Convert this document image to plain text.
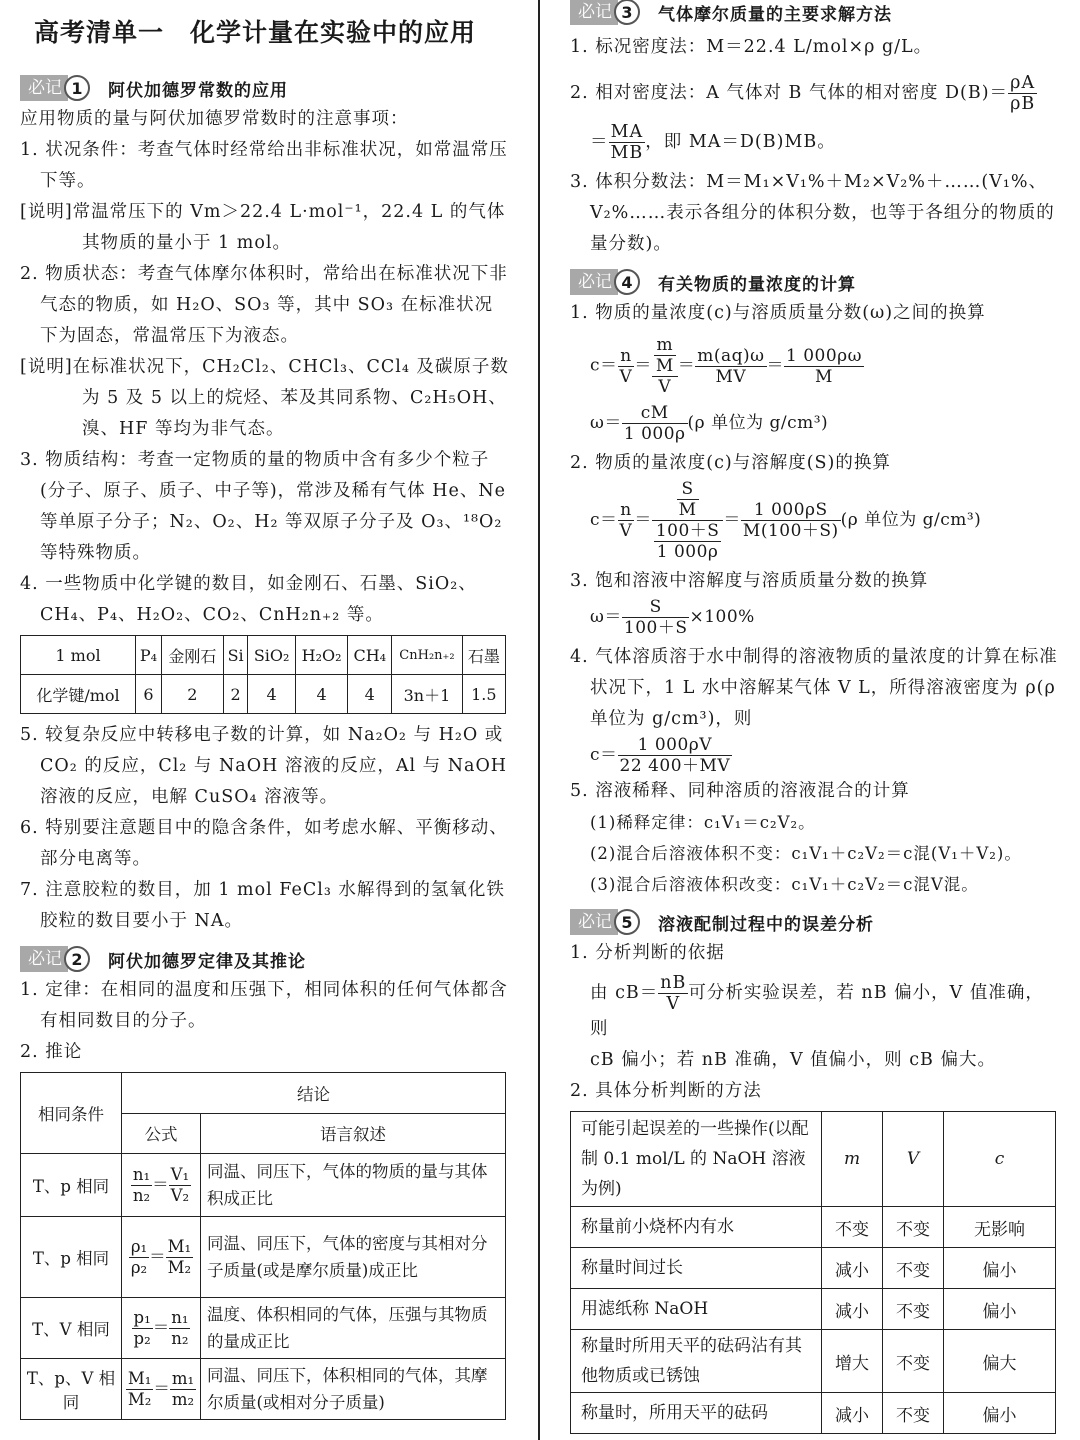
高考清单一　化学计量在实验中的应用
必记 1	阿伏加德罗常数的应用

应用物质的量与阿伏加德罗常数时的注意事项：

1. 状况条件：考查气体时经常给出非标准状况，如常温常压下等。

[说明]常温常压下的 Vm＞22.4 L·mol⁻¹，22.4 L 的气体其物质的量小于 1 mol。

2. 物质状态：考查气体摩尔体积时，常给出在标准状况下非气态的物质，如 H₂O、SO₃ 等，其中 SO₃ 在标准状况下为固态，常温常压下为液态。

[说明]在标准状况下，CH₂Cl₂、CHCl₃、CCl₄ 及碳原子数为 5 及 5 以上的烷烃、苯及其同系物、C₂H₅OH、溴、HF 等均为非气态。

3. 物质结构：考查一定物质的量的物质中含有多少个粒子(分子、原子、质子、中子等)，常涉及稀有气体 He、Ne 等单原子分子；N₂、O₂、H₂ 等双原子分子及 O₃、¹⁸O₂ 等特殊物质。

4. 一些物质中化学键的数目，如金刚石、石墨、SiO₂、CH₄、P₄、H₂O₂、CO₂、CnH₂n₊₂ 等。

1 mol	P₄	金刚石	Si	SiO₂	H₂O₂	CH₄	CnH₂n₊₂	石墨
化学键/mol	6	2	2	4	4	4	3n＋1	1.5

5. 较复杂反应中转移电子数的计算，如 Na₂O₂ 与 H₂O 或 CO₂ 的反应，Cl₂ 与 NaOH 溶液的反应，Al 与 NaOH 溶液的反应，电解 CuSO₄ 溶液等。

6. 特别要注意题目中的隐含条件，如考虑水解、平衡移动、部分电离等。

7. 注意胶粒的数目，加 1 mol FeCl₃ 水解得到的氢氧化铁胶粒的数目要小于 NA。

必记 2	阿伏加德罗定律及其推论

1. 定律：在相同的温度和压强下，相同体积的任何气体都含有相同数目的分子。

2. 推论

相同条件	结论	
	公式	语言叙述
T、p 相同	$\frac{\text{n₁}}{\text{n₂}} = \frac{\text{V₁}}{\text{V₂}}$	同温、同压下，气体的物质的量与其体积成正比
T、p 相同	$\frac{\text{ρ₁}}{\text{ρ₂}} = \frac{\text{M₁}}{\text{M₂}}$	同温、同压下，气体的密度与其相对分子质量(或是摩尔质量)成正比
T、V 相同	$\frac{\text{p₁}}{\text{p₂}} = \frac{\text{n₁}}{\text{n₂}}$	温度、体积相同的气体，压强与其物质的量成正比
T、p、V 相同	$\frac{\text{M₁}}{\text{M₂}} = \frac{\text{m₁}}{\text{m₂}}$	同温、同压下，体积相同的气体，其摩尔质量(或相对分子质量)
必记 3	气体摩尔质量的主要求解方法

1. 标况密度法：M＝22.4 L/mol×ρ g/L。

2. 相对密度法：A 气体对 B 气体的相对密度 $D(B)= \frac{\rho A}{\rho B}$

＝ $\frac{MA}{MB}$ ，即 MA＝D(B)MB。

3. 体积分数法：M＝M₁×V₁%＋M₂×V₂%＋……(V₁%、V₂%……表示各组分的体积分数，也等于各组分的物质的量分数)。

必记 4	有关物质的量浓度的计算

1. 物质的量浓度(c)与溶质质量分数(ω)之间的换算

$c= \frac{n}{V} = \frac{\frac{m}{M}}{V} = \frac{m(aq)\omega}{MV} = \frac{1 000\rho\omega}{M}$
$\omega= \frac{cM}{1 000\rho} (\rho$ 单位为 g/cm³)

2. 物质的量浓度(c)与溶解度(S)的换算

$c= \frac{n}{V} = \frac{\frac{S}{M}}{\frac{100+S}{1 000\rho}} = \frac{1 000\rho S}{M(100+S)} (\rho$ 单位为 g/cm³)

3. 饱和溶液中溶解度与溶质质量分数的换算

$\omega= \frac{S}{100+S} \times 100\%$

4. 气体溶质溶于水中制得的溶液物质的量浓度的计算在标准状况下，1 L 水中溶解某气体 V L，所得溶液密度为 ρ(ρ 单位为 g/cm³)，则

$c= \frac{1 000\rho V}{22 400+MV}$

5. 溶液稀释、同种溶质的溶液混合的计算

(1)稀释定律：c₁V₁＝c₂V₂。

(2)混合后溶液体积不变：c₁V₁＋c₂V₂＝c混(V₁＋V₂)。

(3)混合后溶液体积改变：c₁V₁＋c₂V₂＝c混V混。

必记 5	溶液配制过程中的误差分析

1. 分析判断的依据

由 $cB= \frac{nB}{V}$ 可分析实验误差，若 nB 偏小，V 值准确，则

cB 偏小；若 nB 准确，V 值偏小，则 cB 偏大。

2. 具体分析判断的方法

可能引起误差的一些操作(以配制 0.1 mol/L 的 NaOH 溶液为例)	m	V	c
称量前小烧杯内有水	不变	不变	无影响
称量时间过长	减小	不变	偏小
用滤纸称 NaOH	减小	不变	偏小
称量时所用天平的砝码沾有其他物质或已锈蚀	增大	不变	偏大
称量时，所用天平的砝码	减小	不变	偏小
